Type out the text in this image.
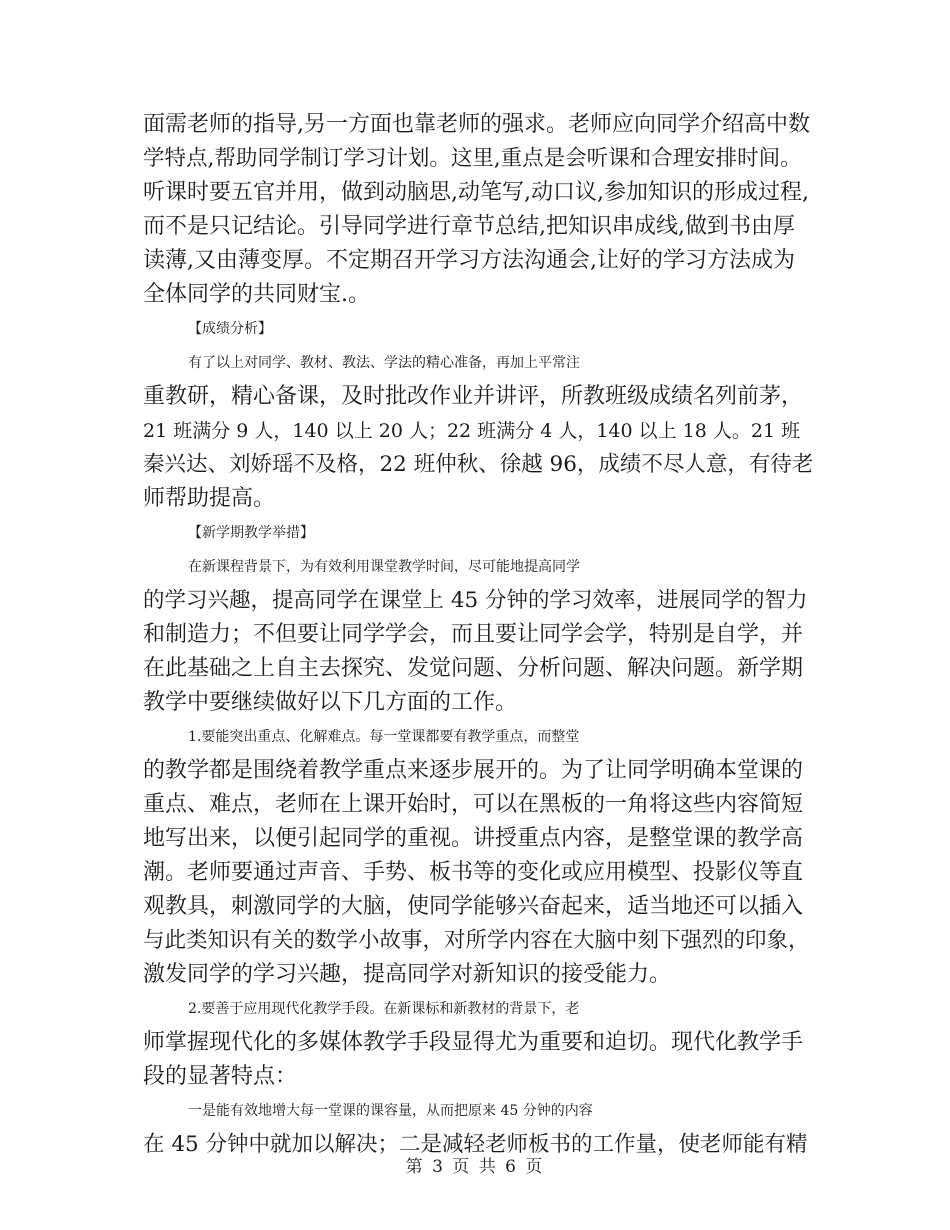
面需老师的指导,另一方面也靠老师的强求。老师应向同学介绍高中数
学特点,帮助同学制订学习计划。这里,重点是会听课和合理安排时间。
听课时要五官并用，做到动脑思,动笔写,动口议,参加知识的形成过程,
而不是只记结论。引导同学进行章节总结,把知识串成线,做到书由厚
读薄,又由薄变厚。不定期召开学习方法沟通会,让好的学习方法成为
全体同学的共同财宝.。
【成绩分析】
有了以上对同学、教材、教法、学法的精心准备，再加上平常注
重教研，精心备课，及时批改作业并讲评，所教班级成绩名列前茅，
21 班满分 9 人，140 以上 20 人；22 班满分 4 人，140 以上 18 人。21 班
秦兴达、刘娇瑶不及格，22 班仲秋、徐越 96，成绩不尽人意，有待老
师帮助提高。
【新学期教学举措】
在新课程背景下，为有效利用课堂教学时间，尽可能地提高同学
的学习兴趣，提高同学在课堂上 45 分钟的学习效率，进展同学的智力
和制造力；不但要让同学学会，而且要让同学会学，特别是自学，并
在此基础之上自主去探究、发觉问题、分析问题、解决问题。新学期
教学中要继续做好以下几方面的工作。
1.要能突出重点、化解难点。每一堂课都要有教学重点，而整堂
的教学都是围绕着教学重点来逐步展开的。为了让同学明确本堂课的
重点、难点，老师在上课开始时，可以在黑板的一角将这些内容简短
地写出来，以便引起同学的重视。讲授重点内容，是整堂课的教学高
潮。老师要通过声音、手势、板书等的变化或应用模型、投影仪等直
观教具，刺激同学的大脑，使同学能够兴奋起来，适当地还可以插入
与此类知识有关的数学小故事，对所学内容在大脑中刻下强烈的印象，
激发同学的学习兴趣，提高同学对新知识的接受能力。
2.要善于应用现代化教学手段。在新课标和新教材的背景下，老
师掌握现代化的多媒体教学手段显得尤为重要和迫切。现代化教学手
段的显著特点：
一是能有效地增大每一堂课的课容量，从而把原来 45 分钟的内容
在 45 分钟中就加以解决；二是减轻老师板书的工作量，使老师能有精
第 3 页 共 6 页
